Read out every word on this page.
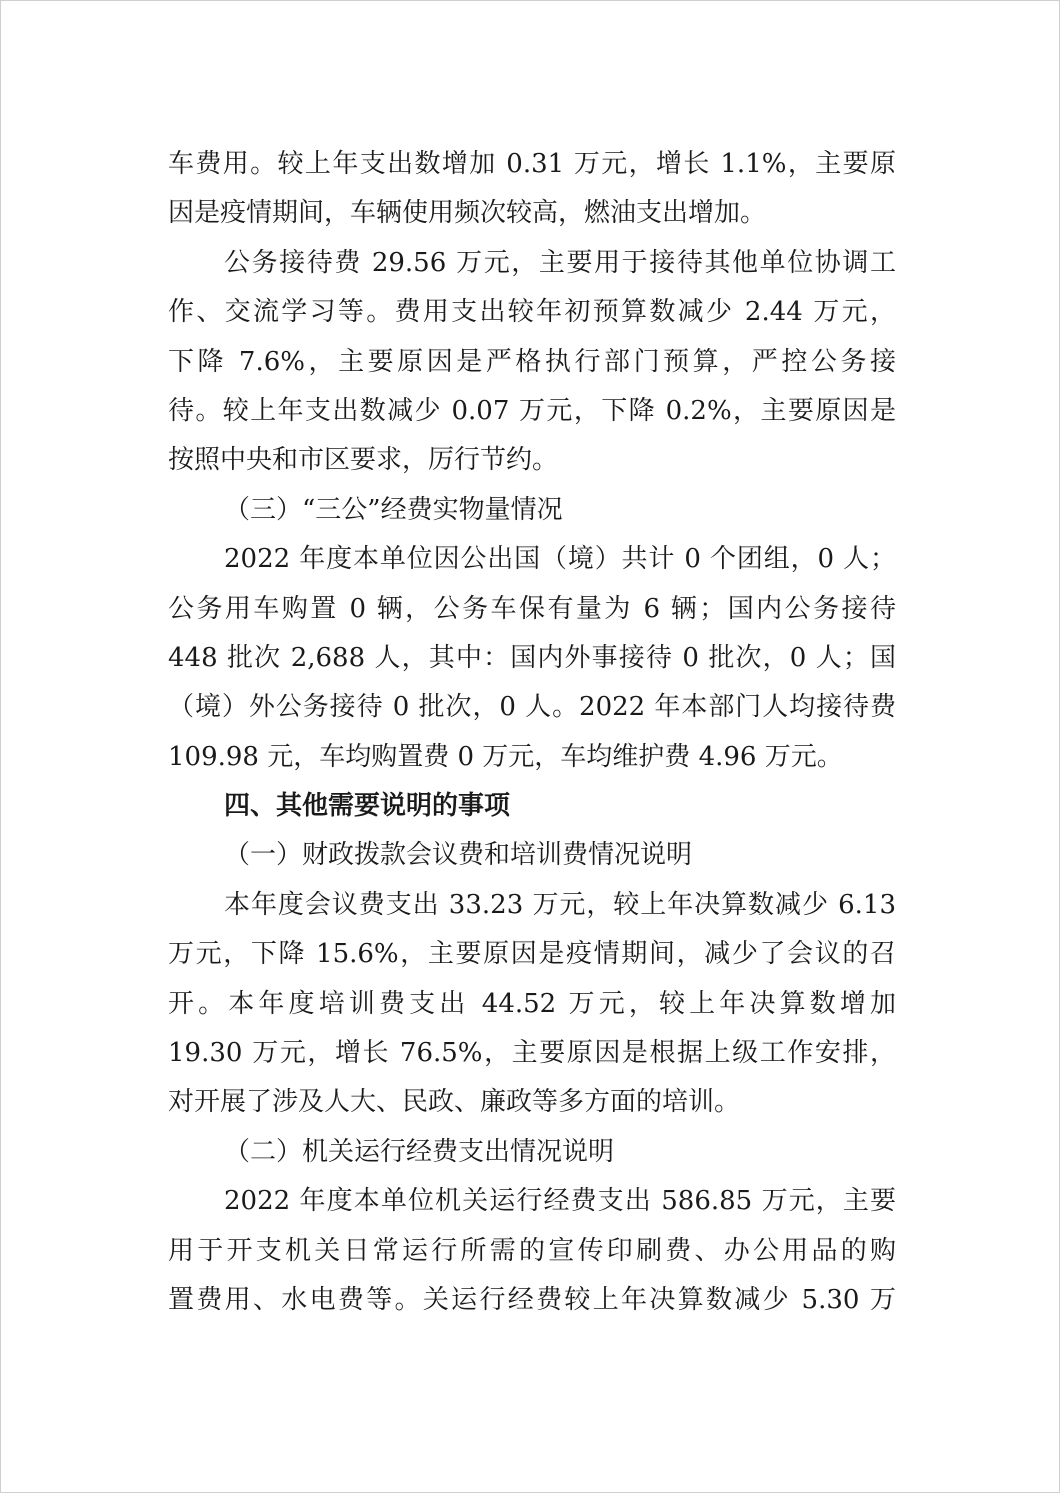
车费用。较上年支出数增加 0.31 万元，增长 1.1%，主要原
因是疫情期间，车辆使用频次较高，燃油支出增加。
公务接待费 29.56 万元，主要用于接待其他单位协调工
作、交流学习等。费用支出较年初预算数减少 2.44 万元，
下降 7.6%，主要原因是严格执行部门预算，严控公务接
待。较上年支出数减少 0.07 万元，下降 0.2%，主要原因是
按照中央和市区要求，厉行节约。
（三）“三公”经费实物量情况
2022 年度本单位因公出国（境）共计 0 个团组，0 人；
公务用车购置 0 辆，公务车保有量为 6 辆；国内公务接待
448 批次 2,688 人，其中：国内外事接待 0 批次，0 人；国
（境）外公务接待 0 批次，0 人。2022 年本部门人均接待费
109.98 元，车均购置费 0 万元，车均维护费 4.96 万元。
四、其他需要说明的事项
（一）财政拨款会议费和培训费情况说明
本年度会议费支出 33.23 万元，较上年决算数减少 6.13
万元，下降 15.6%，主要原因是疫情期间，减少了会议的召
开。本年度培训费支出 44.52 万元，较上年决算数增加
19.30 万元，增长 76.5%，主要原因是根据上级工作安排，
对开展了涉及人大、民政、廉政等多方面的培训。
（二）机关运行经费支出情况说明
2022 年度本单位机关运行经费支出 586.85 万元，主要
用于开支机关日常运行所需的宣传印刷费、办公用品的购
置费用、水电费等。关运行经费较上年决算数减少 5.30 万
